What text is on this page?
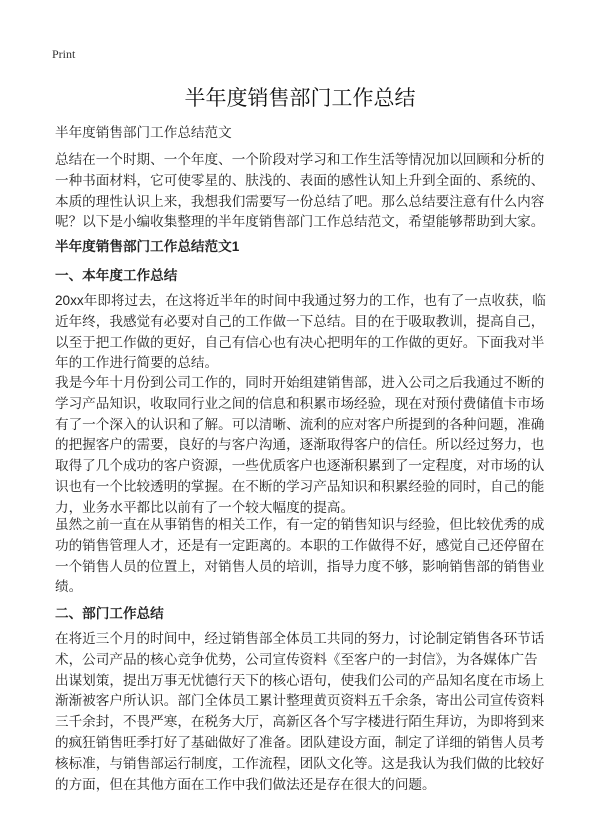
Print
半年度销售部门工作总结
半年度销售部门工作总结范文
总结在一个时期、一个年度、一个阶段对学习和工作生活等情况加以回顾和分析的
一种书面材料，它可使零星的、肤浅的、表面的感性认知上升到全面的、系统的、
本质的理性认识上来，我想我们需要写一份总结了吧。那么总结要注意有什么内容
呢？以下是小编收集整理的半年度销售部门工作总结范文，希望能够帮助到大家。
半年度销售部门工作总结范文1
一、本年度工作总结
20xx年即将过去，在这将近半年的时间中我通过努力的工作，也有了一点收获，临
近年终，我感觉有必要对自己的工作做一下总结。目的在于吸取教训，提高自己，
以至于把工作做的更好，自己有信心也有决心把明年的工作做的更好。下面我对半
年的工作进行简要的总结。
我是今年十月份到公司工作的，同时开始组建销售部，进入公司之后我通过不断的
学习产品知识，收取同行业之间的信息和积累市场经验，现在对预付费储值卡市场
有了一个深入的认识和了解。可以清晰、流利的应对客户所提到的各种问题，准确
的把握客户的需要，良好的与客户沟通，逐渐取得客户的信任。所以经过努力，也
取得了几个成功的客户资源，一些优质客户也逐渐积累到了一定程度，对市场的认
识也有一个比较透明的掌握。在不断的学习产品知识和积累经验的同时，自己的能
力，业务水平都比以前有了一个较大幅度的提高。
虽然之前一直在从事销售的相关工作，有一定的销售知识与经验，但比较优秀的成
功的销售管理人才，还是有一定距离的。本职的工作做得不好，感觉自己还停留在
一个销售人员的位置上，对销售人员的培训，指导力度不够，影响销售部的销售业
绩。
二、部门工作总结
在将近三个月的时间中，经过销售部全体员工共同的努力，讨论制定销售各环节话
术，公司产品的核心竞争优势，公司宣传资料《至客户的一封信》，为各媒体广告
出谋划策，提出万事无忧德行天下的核心语句，使我们公司的产品知名度在市场上
渐渐被客户所认识。部门全体员工累计整理黄页资料五千余条，寄出公司宣传资料
三千余封，不畏严寒，在税务大厅，高新区各个写字楼进行陌生拜访，为即将到来
的疯狂销售旺季打好了基础做好了准备。团队建设方面，制定了详细的销售人员考
核标准，与销售部运行制度，工作流程，团队文化等。这是我认为我们做的比较好
的方面，但在其他方面在工作中我们做法还是存在很大的问题。
